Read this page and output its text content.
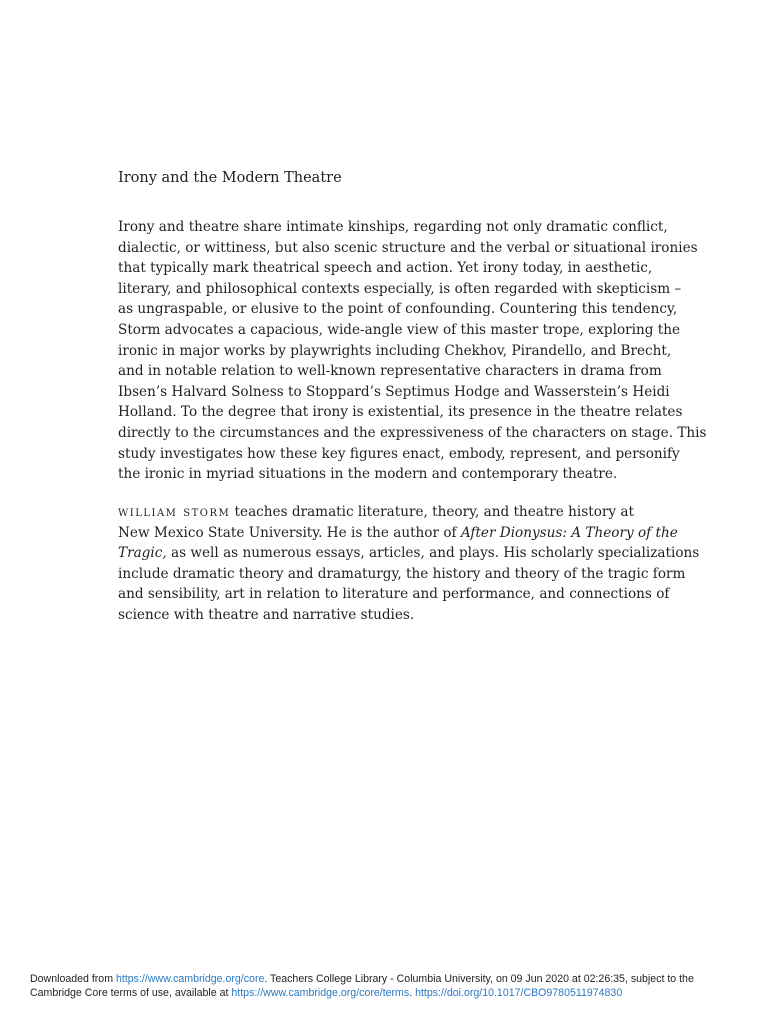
Irony and the Modern Theatre
Irony and theatre share intimate kinships, regarding not only dramatic conflict,
dialectic, or wittiness, but also scenic structure and the verbal or situational ironies
that typically mark theatrical speech and action. Yet irony today, in aesthetic,
literary, and philosophical contexts especially, is often regarded with skepticism –
as ungraspable, or elusive to the point of confounding. Countering this tendency,
Storm advocates a capacious, wide-angle view of this master trope, exploring the
ironic in major works by playwrights including Chekhov, Pirandello, and Brecht,
and in notable relation to well-known representative characters in drama from
Ibsen’s Halvard Solness to Stoppard’s Septimus Hodge and Wasserstein’s Heidi
Holland. To the degree that irony is existential, its presence in the theatre relates
directly to the circumstances and the expressiveness of the characters on stage. This
study investigates how these key figures enact, embody, represent, and personify
the ironic in myriad situations in the modern and contemporary theatre.
william storm teaches dramatic literature, theory, and theatre history at
New Mexico State University. He is the author of After Dionysus: A Theory of the
Tragic, as well as numerous essays, articles, and plays. His scholarly specializations
include dramatic theory and dramaturgy, the history and theory of the tragic form
and sensibility, art in relation to literature and performance, and connections of
science with theatre and narrative studies.
Downloaded from https://www.cambridge.org/core. Teachers College Library - Columbia University, on 09 Jun 2020 at 02:26:35, subject to the
Cambridge Core terms of use, available at https://www.cambridge.org/core/terms. https://doi.org/10.1017/CBO9780511974830
